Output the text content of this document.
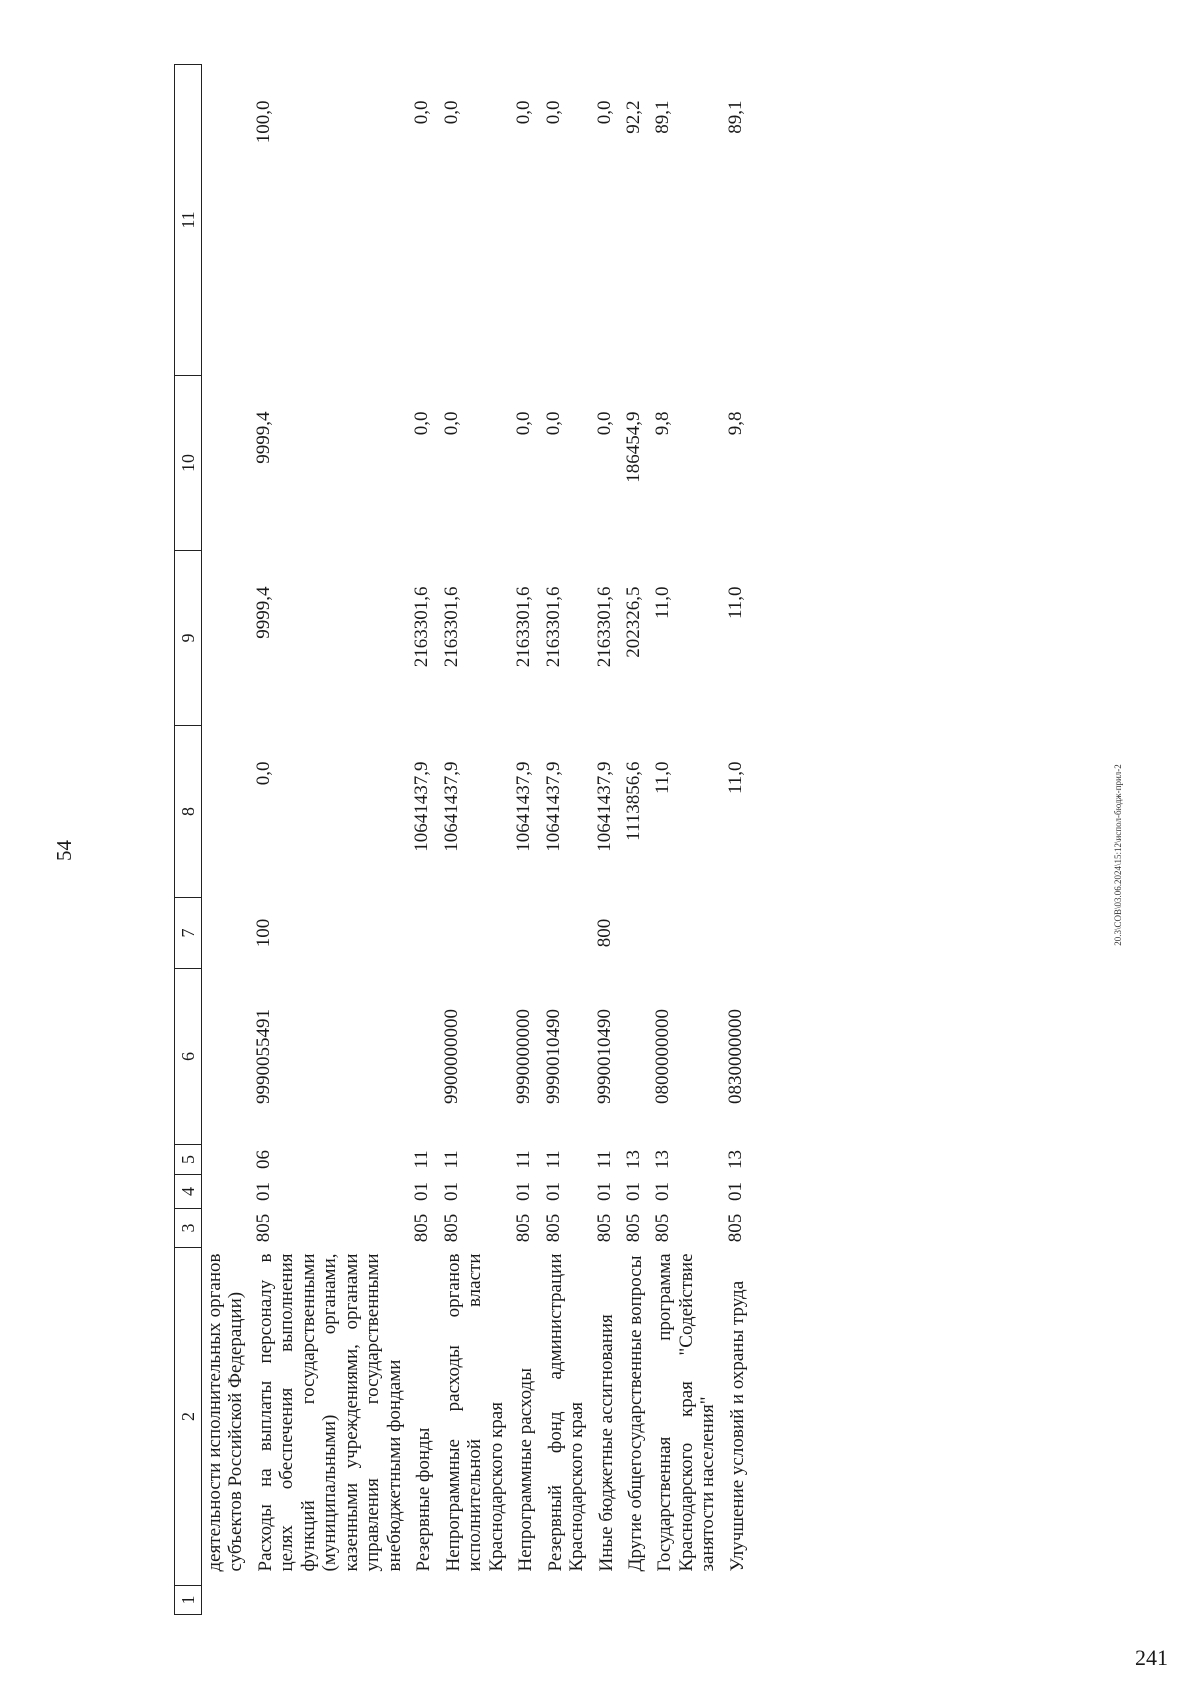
54
1	2	3	4	5	6	7	8	9	10	11
	деятельности исполнительных органов субъектов Российской Федерации)									
	Расходы на выплаты персоналу в целях обеспечения выполнения функций государственными (муниципальными) органами, казенными учреждениями, органами управления государственными внебюджетными фондами	805	01	06	9990055491	100	0,0	9999,4	9999,4	100,0
	Резервные фонды	805	01	11			10641437,9	2163301,6	0,0	0,0
	Непрограммные расходы органов исполнительной власти Краснодарского края	805	01	11	9900000000		10641437,9	2163301,6	0,0	0,0
	Непрограммные расходы	805	01	11	9990000000		10641437,9	2163301,6	0,0	0,0
	Резервный фонд администрации Краснодарского края	805	01	11	9990010490		10641437,9	2163301,6	0,0	0,0
	Иные бюджетные ассигнования	805	01	11	9990010490	800	10641437,9	2163301,6	0,0	0,0
	Другие общегосударственные вопросы	805	01	13			1113856,6	202326,5	186454,9	92,2
	Государственная программа Краснодарского края "Содействие занятости населения"	805	01	13	0800000000		11,0	11,0	9,8	89,1
	Улучшение условий и охраны труда	805	01	13	0830000000		11,0	11,0	9,8	89,1
20.3\СОВ\03.06.2024\15:12\испол-бюдж-прил-2
241
